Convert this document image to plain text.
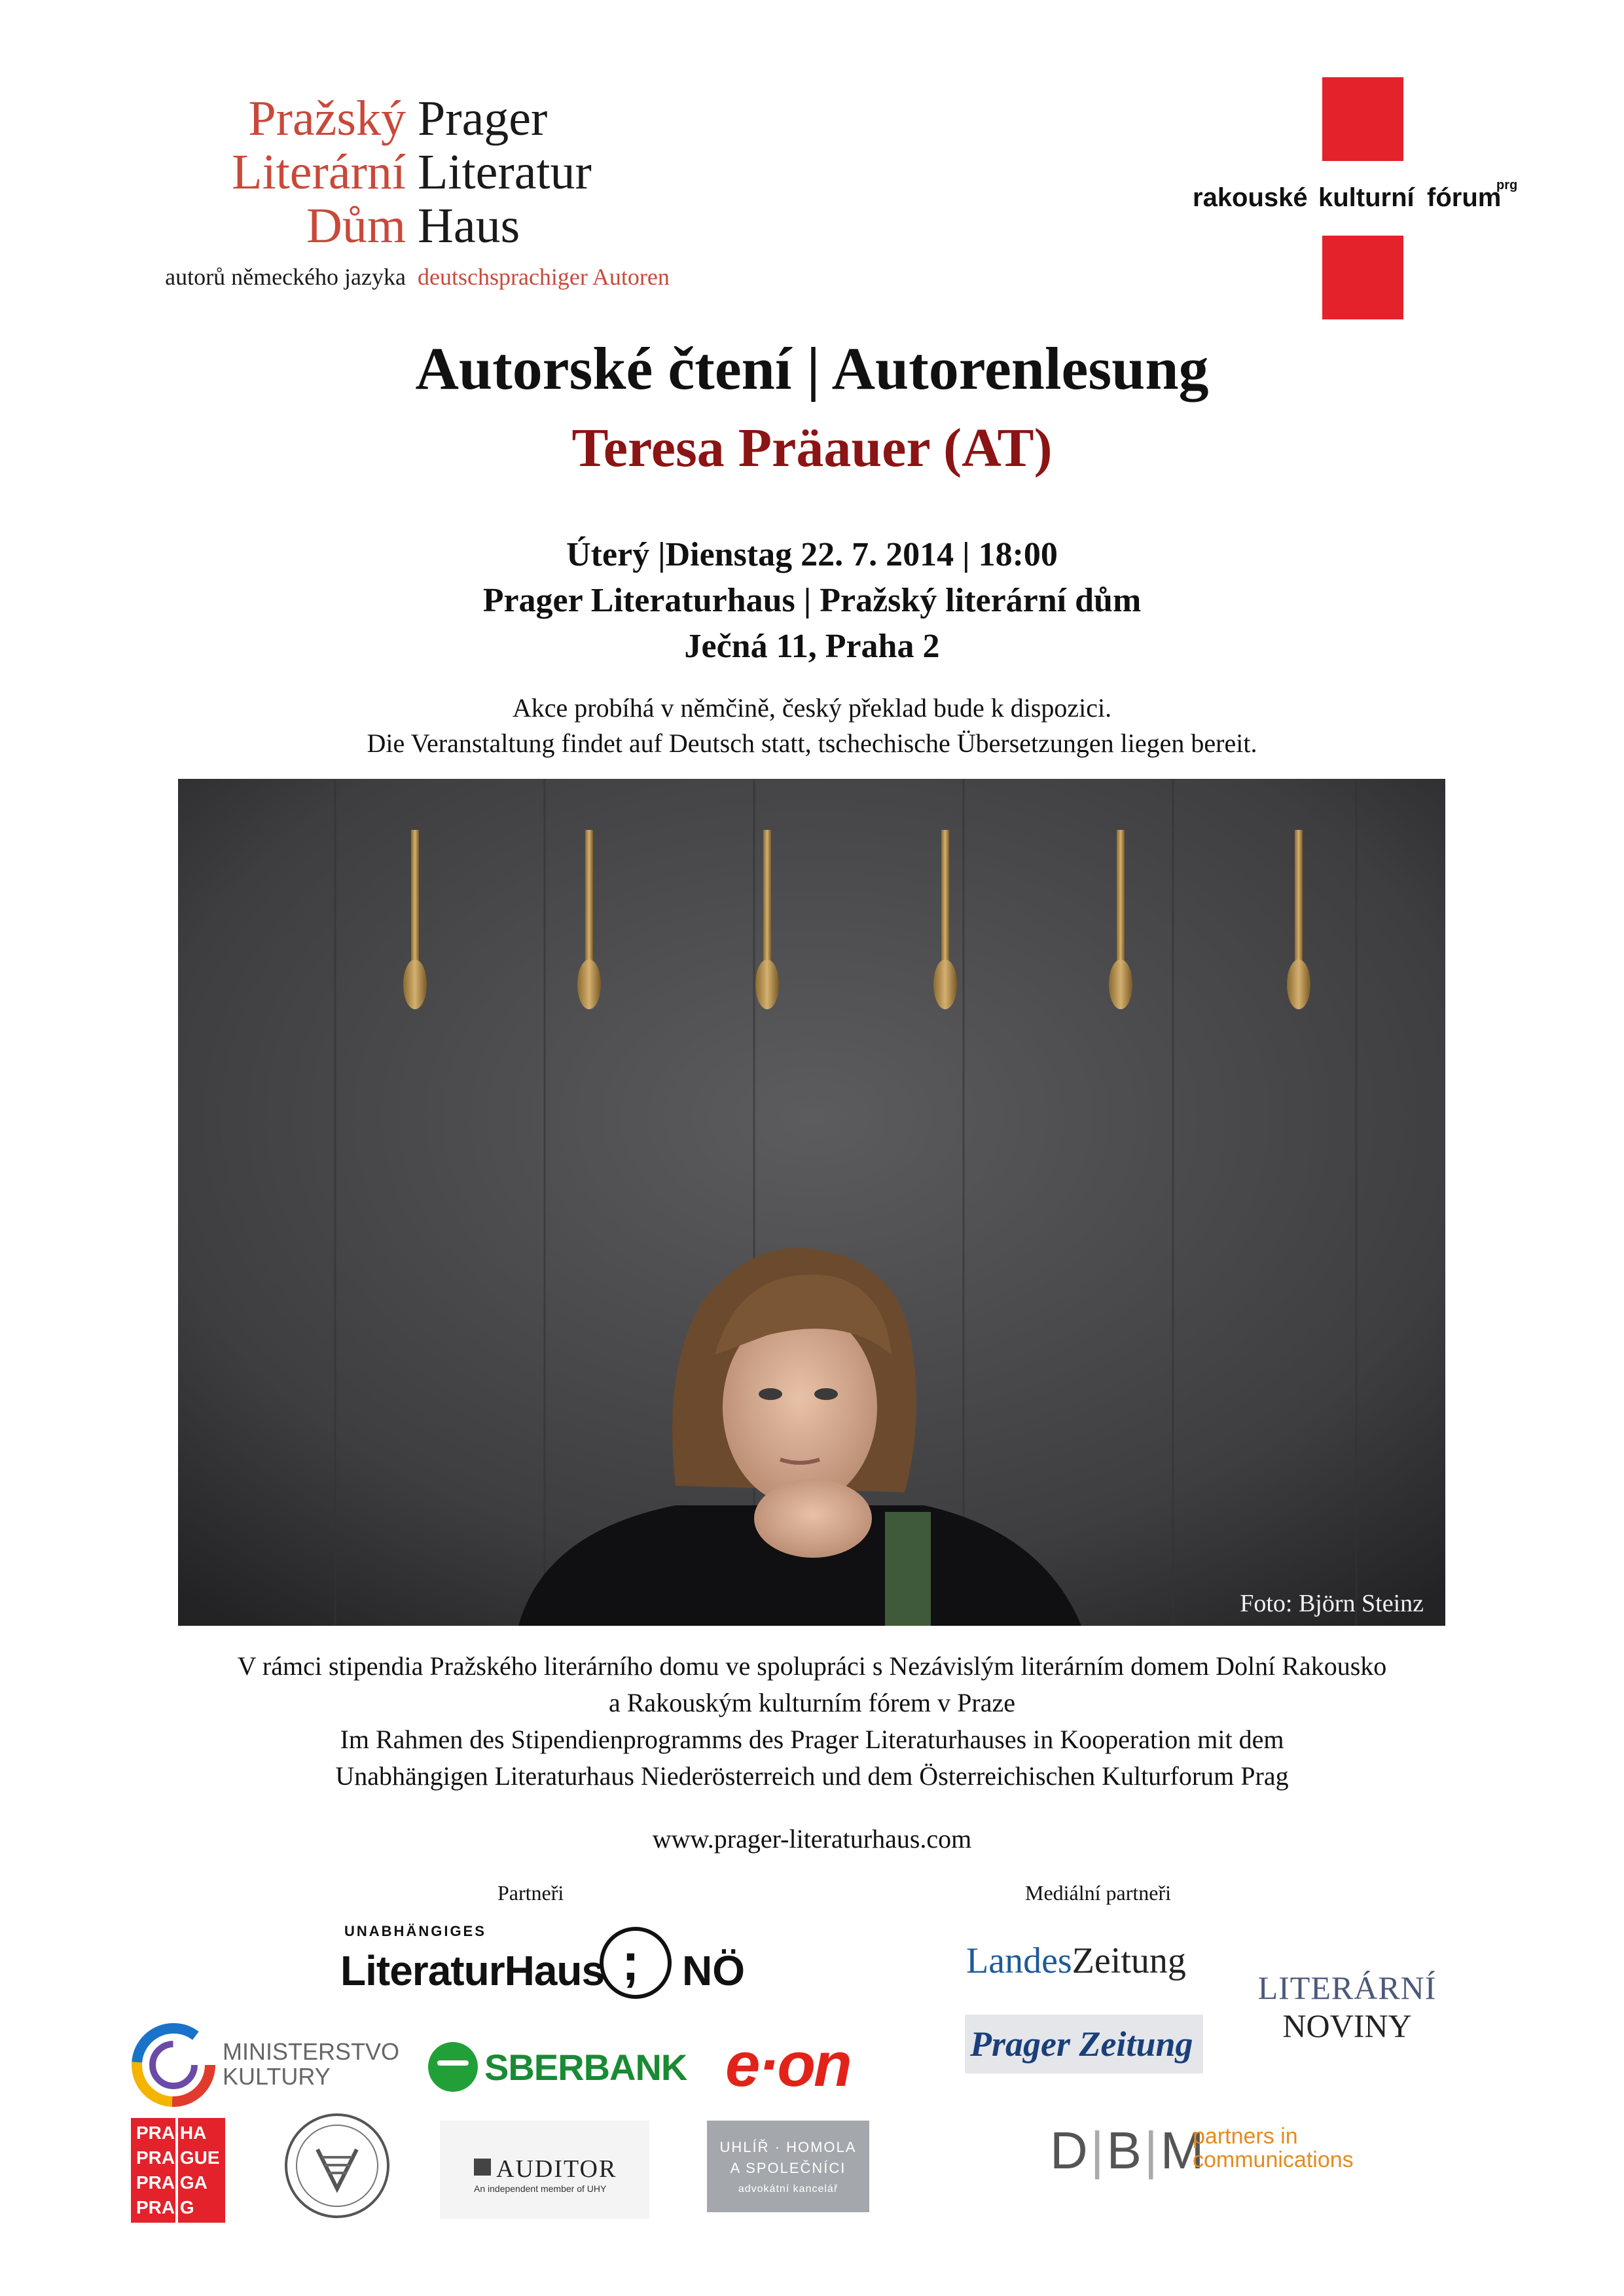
Pražský
Literární
Dům
Prager
Literatur
Haus
autorů německého jazyka deutschsprachiger Autoren
rakouské kulturní fórum
prg
Autorské čtení | Autorenlesung
Teresa Präauer (AT)
Úterý |Dienstag 22. 7. 2014 | 18:00
Prager Literaturhaus | Pražský literární dům
Ječná 11, Praha 2
Akce probíhá v němčině, český překlad bude k dispozici.
Die Veranstaltung findet auf Deutsch statt, tschechische Übersetzungen liegen bereit.
Foto: Björn Steinz
V rámci stipendia Pražského literárního domu ve spolupráci s Nezávislým literárním domem Dolní Rakousko
a Rakouským kulturním fórem v Praze
Im Rahmen des Stipendienprogramms des Prager Literaturhauses in Kooperation mit dem
Unabhängigen Literaturhaus Niederösterreich und dem Österreichischen Kulturforum Prag
www.prager-literaturhaus.com
Partneři	Mediální partneři
UNABHÄNGIGES
LiteraturHaus ; NÖ
MINISTERSTVO
KULTURY	SBERBANK e·on
PRA HA
PRA GUE
PRA GA
PRA G
AUDITOR
An independent member of UHY
UHLÍŘ · HOMOLA
A SPOLEČNÍCI
advokátní kancelář
LandesZeitung
Prager Zeitung
LITERÁRNÍ
NOVINY
D|B|M
partners in
communications
